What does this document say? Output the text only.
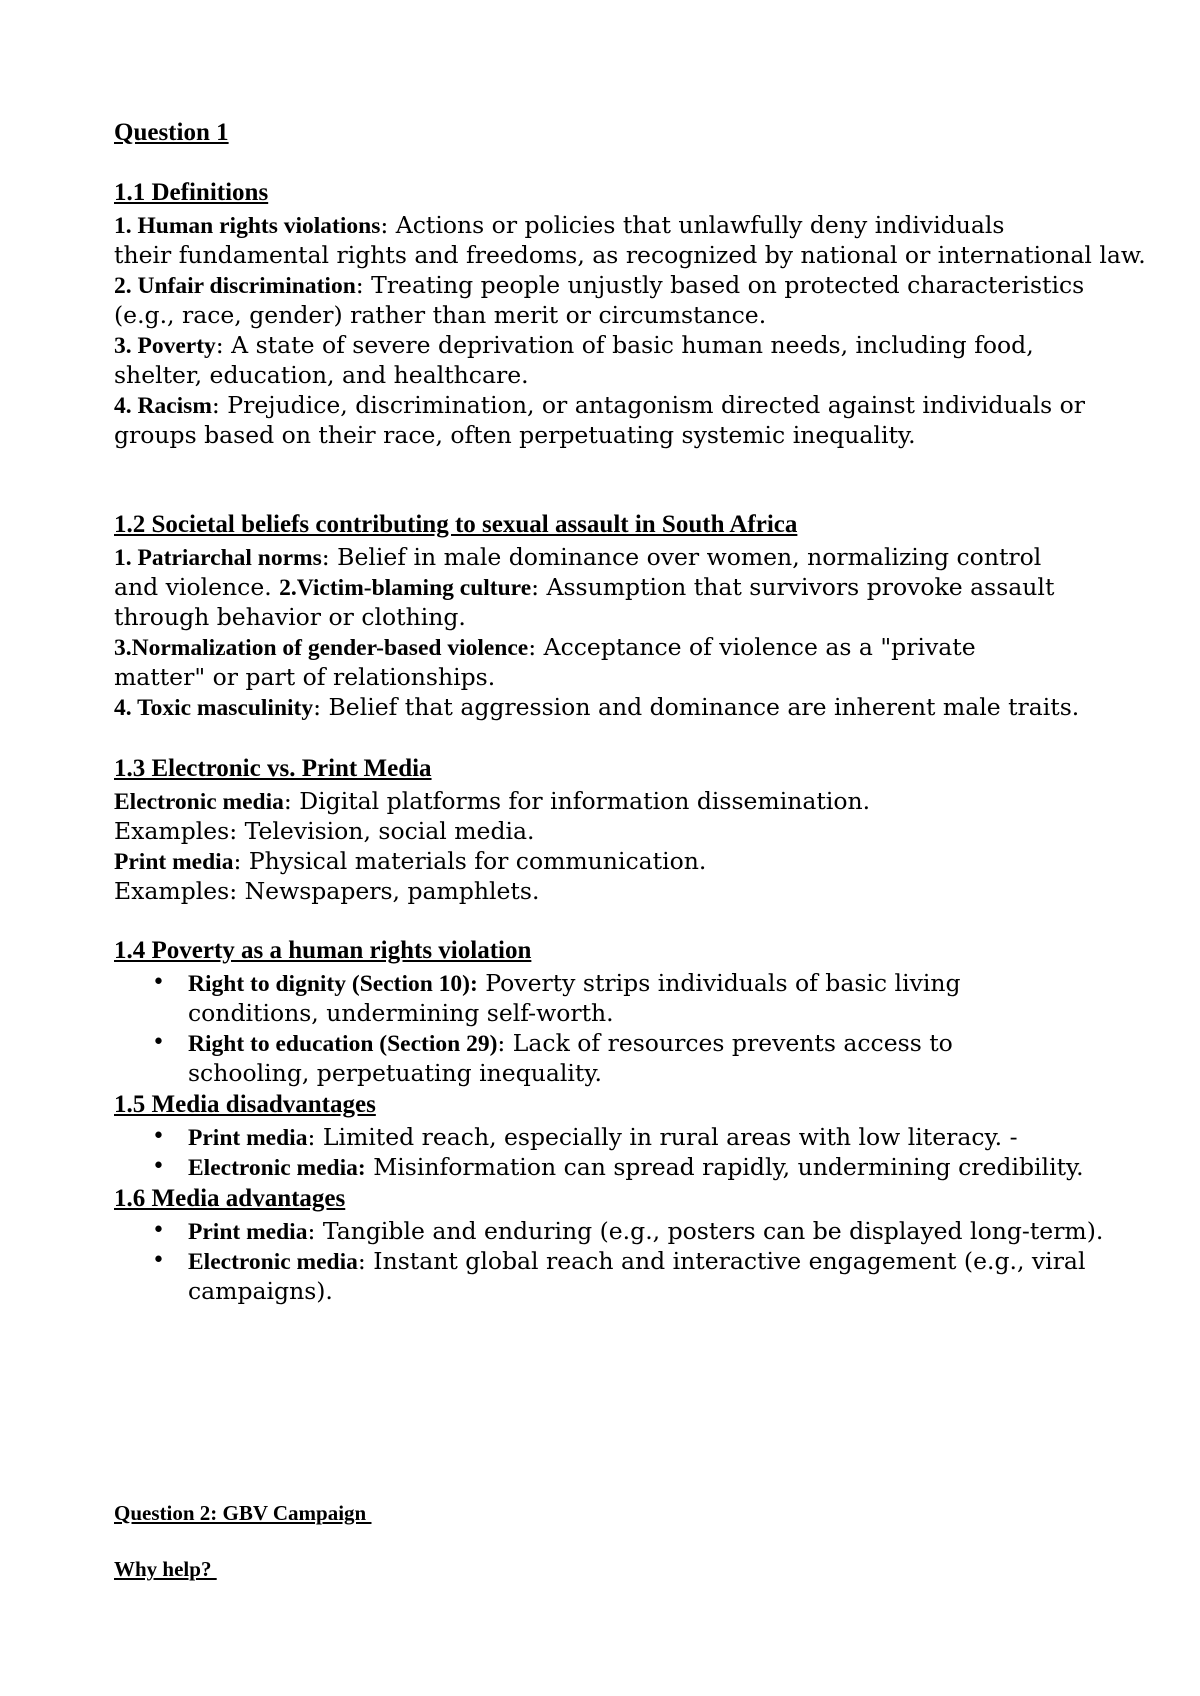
Question 1
1.1 Definitions
1. Human rights violations: Actions or policies that unlawfully deny individuals
their fundamental rights and freedoms, as recognized by national or international law.
2. Unfair discrimination: Treating people unjustly based on protected characteristics
(e.g., race, gender) rather than merit or circumstance.
3. Poverty: A state of severe deprivation of basic human needs, including food,
shelter, education, and healthcare.
4. Racism: Prejudice, discrimination, or antagonism directed against individuals or
groups based on their race, often perpetuating systemic inequality.
1.2 Societal beliefs contributing to sexual assault in South Africa
1. Patriarchal norms: Belief in male dominance over women, normalizing control
and violence. 2.Victim-blaming culture: Assumption that survivors provoke assault
through behavior or clothing.
3.Normalization of gender-based violence: Acceptance of violence as a "private
matter" or part of relationships.
4. Toxic masculinity: Belief that aggression and dominance are inherent male traits.
1.3 Electronic vs. Print Media
Electronic media: Digital platforms for information dissemination.
Examples: Television, social media.
Print media: Physical materials for communication.
Examples: Newspapers, pamphlets.
1.4 Poverty as a human rights violation
• Right to dignity (Section 10): Poverty strips individuals of basic living
conditions, undermining self-worth.
• Right to education (Section 29): Lack of resources prevents access to
schooling, perpetuating inequality.
1.5 Media disadvantages
• Print media: Limited reach, especially in rural areas with low literacy. -
• Electronic media: Misinformation can spread rapidly, undermining credibility.
1.6 Media advantages
• Print media: Tangible and enduring (e.g., posters can be displayed long-term).
• Electronic media: Instant global reach and interactive engagement (e.g., viral
campaigns).
Question 2: GBV Campaign
Why help?
